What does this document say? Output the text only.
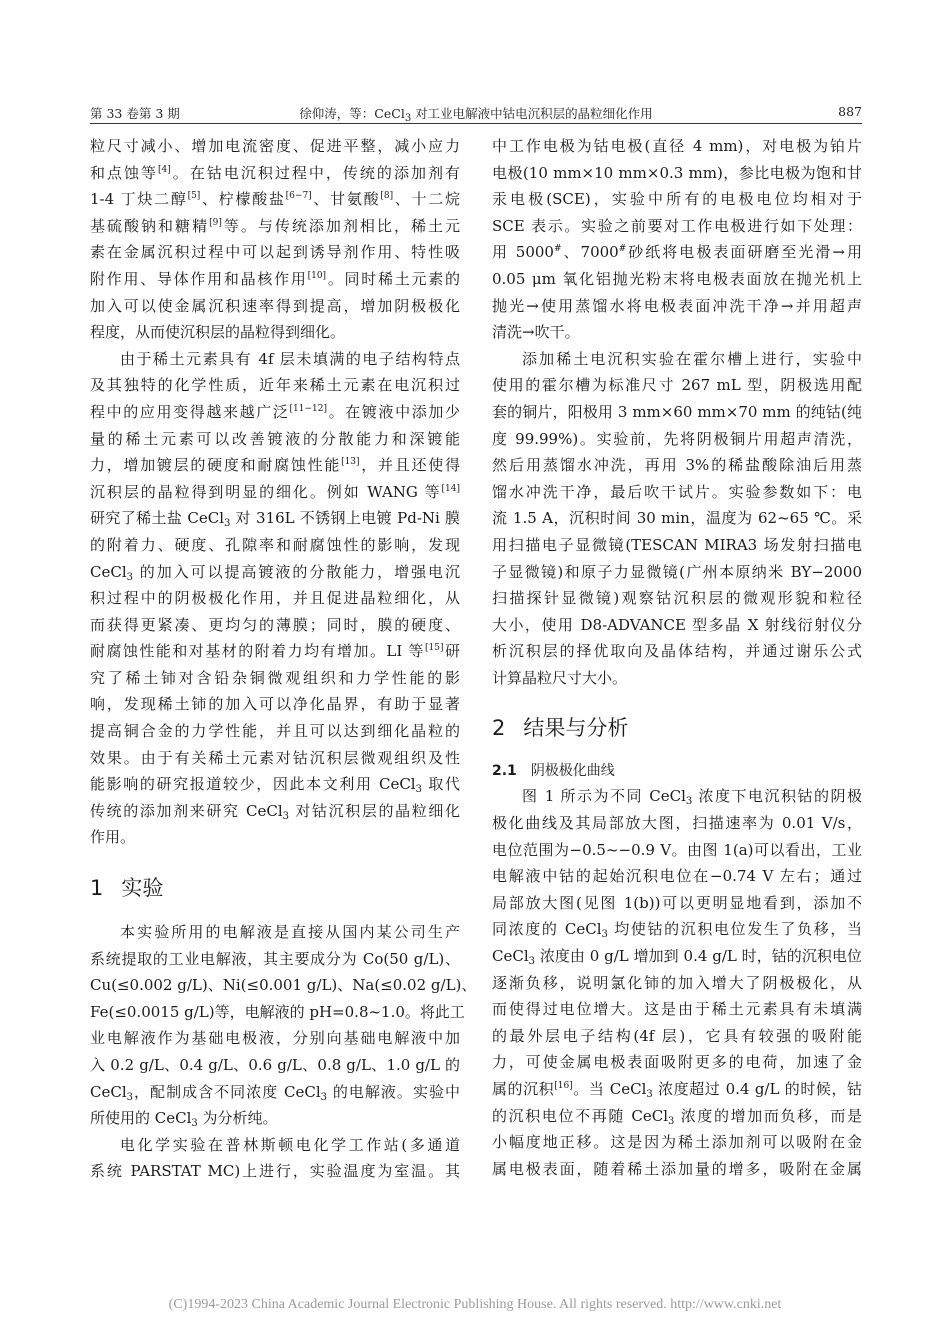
第 33 卷第 3 期	徐仰涛，等：CeCl$_3$ 对工业电解液中钴电沉积层的晶粒细化作用	887
粒尺寸减小、增加电流密度、促进平整，减小应力
和点蚀等[4]。在钴电沉积过程中，传统的添加剂有
1-4 丁炔二醇[5]、柠檬酸盐[6−7]、甘氨酸[8]、十二烷
基硫酸钠和糖精[9]等。与传统添加剂相比，稀土元
素在金属沉积过程中可以起到诱导剂作用、特性吸
附作用、导体作用和晶核作用[10]。同时稀土元素的
加入可以使金属沉积速率得到提高，增加阴极极化
程度，从而使沉积层的晶粒得到细化。
由于稀土元素具有 4f 层未填满的电子结构特点
及其独特的化学性质，近年来稀土元素在电沉积过
程中的应用变得越来越广泛[11−12]。在镀液中添加少
量的稀土元素可以改善镀液的分散能力和深镀能
力，增加镀层的硬度和耐腐蚀性能[13]，并且还使得
沉积层的晶粒得到明显的细化。例如 WANG 等[14]
研究了稀土盐 CeCl$_3$ 对 316L 不锈钢上电镀 Pd-Ni 膜
的附着力、硬度、孔隙率和耐腐蚀性的影响，发现
CeCl$_3$ 的加入可以提高镀液的分散能力，增强电沉
积过程中的阴极极化作用，并且促进晶粒细化，从
而获得更紧凑、更均匀的薄膜；同时，膜的硬度、
耐腐蚀性能和对基材的附着力均有增加。LI 等[15]研
究了稀土铈对含铅杂铜微观组织和力学性能的影
响，发现稀土铈的加入可以净化晶界，有助于显著
提高铜合金的力学性能，并且可以达到细化晶粒的
效果。由于有关稀土元素对钴沉积层微观组织及性
能影响的研究报道较少，因此本文利用 CeCl$_3$ 取代
传统的添加剂来研究 CeCl$_3$ 对钴沉积层的晶粒细化
作用。
1 实验
本实验所用的电解液是直接从国内某公司生产
系统提取的工业电解液，其主要成分为 Co(50 g/L)、
Cu(≤0.002 g/L)、Ni(≤0.001 g/L)、Na(≤0.02 g/L)、
Fe(≤0.0015 g/L)等，电解液的 pH=0.8~1.0。将此工
业电解液作为基础电极液，分别向基础电解液中加
入 0.2 g/L、0.4 g/L、0.6 g/L、0.8 g/L、1.0 g/L 的
CeCl$_3$，配制成含不同浓度 CeCl$_3$ 的电解液。实验中
所使用的 CeCl$_3$ 为分析纯。
电化学实验在普林斯顿电化学工作站(多通道
系统 PARSTAT MC)上进行，实验温度为室温。其
中工作电极为钴电极(直径 4 mm)，对电极为铂片
电极(10 mm×10 mm×0.3 mm)，参比电极为饱和甘
汞电极(SCE)，实验中所有的电极电位均相对于
SCE 表示。实验之前要对工作电极进行如下处理：
用 5000#、7000#砂纸将电极表面研磨至光滑→用
0.05 μm 氧化铝抛光粉末将电极表面放在抛光机上
抛光→使用蒸馏水将电极表面冲洗干净→并用超声
清洗→吹干。
添加稀土电沉积实验在霍尔槽上进行，实验中
使用的霍尔槽为标准尺寸 267 mL 型，阴极选用配
套的铜片，阳极用 3 mm×60 mm×70 mm 的纯钴(纯
度 99.99%)。实验前，先将阴极铜片用超声清洗，
然后用蒸馏水冲洗，再用 3%的稀盐酸除油后用蒸
馏水冲洗干净，最后吹干试片。实验参数如下：电
流 1.5 A，沉积时间 30 min，温度为 62~65 ℃。采
用扫描电子显微镜(TESCAN MIRA3 场发射扫描电
子显微镜)和原子力显微镜(广州本原纳米 BY−2000
扫描探针显微镜)观察钴沉积层的微观形貌和粒径
大小，使用 D8-ADVANCE 型多晶 X 射线衍射仪分
析沉积层的择优取向及晶体结构，并通过谢乐公式
计算晶粒尺寸大小。
2 结果与分析
2.1 阴极极化曲线
图 1 所示为不同 CeCl$_3$ 浓度下电沉积钴的阴极
极化曲线及其局部放大图，扫描速率为 0.01 V/s，
电位范围为−0.5~−0.9 V。由图 1(a)可以看出，工业
电解液中钴的起始沉积电位在−0.74 V 左右；通过
局部放大图(见图 1(b))可以更明显地看到，添加不
同浓度的 CeCl$_3$ 均使钴的沉积电位发生了负移，当
CeCl$_3$ 浓度由 0 g/L 增加到 0.4 g/L 时，钴的沉积电位
逐渐负移，说明氯化铈的加入增大了阴极极化，从
而使得过电位增大。这是由于稀土元素具有未填满
的最外层电子结构(4f 层)，它具有较强的吸附能
力，可使金属电极表面吸附更多的电荷，加速了金
属的沉积[16]。当 CeCl$_3$ 浓度超过 0.4 g/L 的时候，钴
的沉积电位不再随 CeCl$_3$ 浓度的增加而负移，而是
小幅度地正移。这是因为稀土添加剂可以吸附在金
属电极表面，随着稀土添加量的增多，吸附在金属
(C)1994-2023 China Academic Journal Electronic Publishing House. All rights reserved. http://www.cnki.net
